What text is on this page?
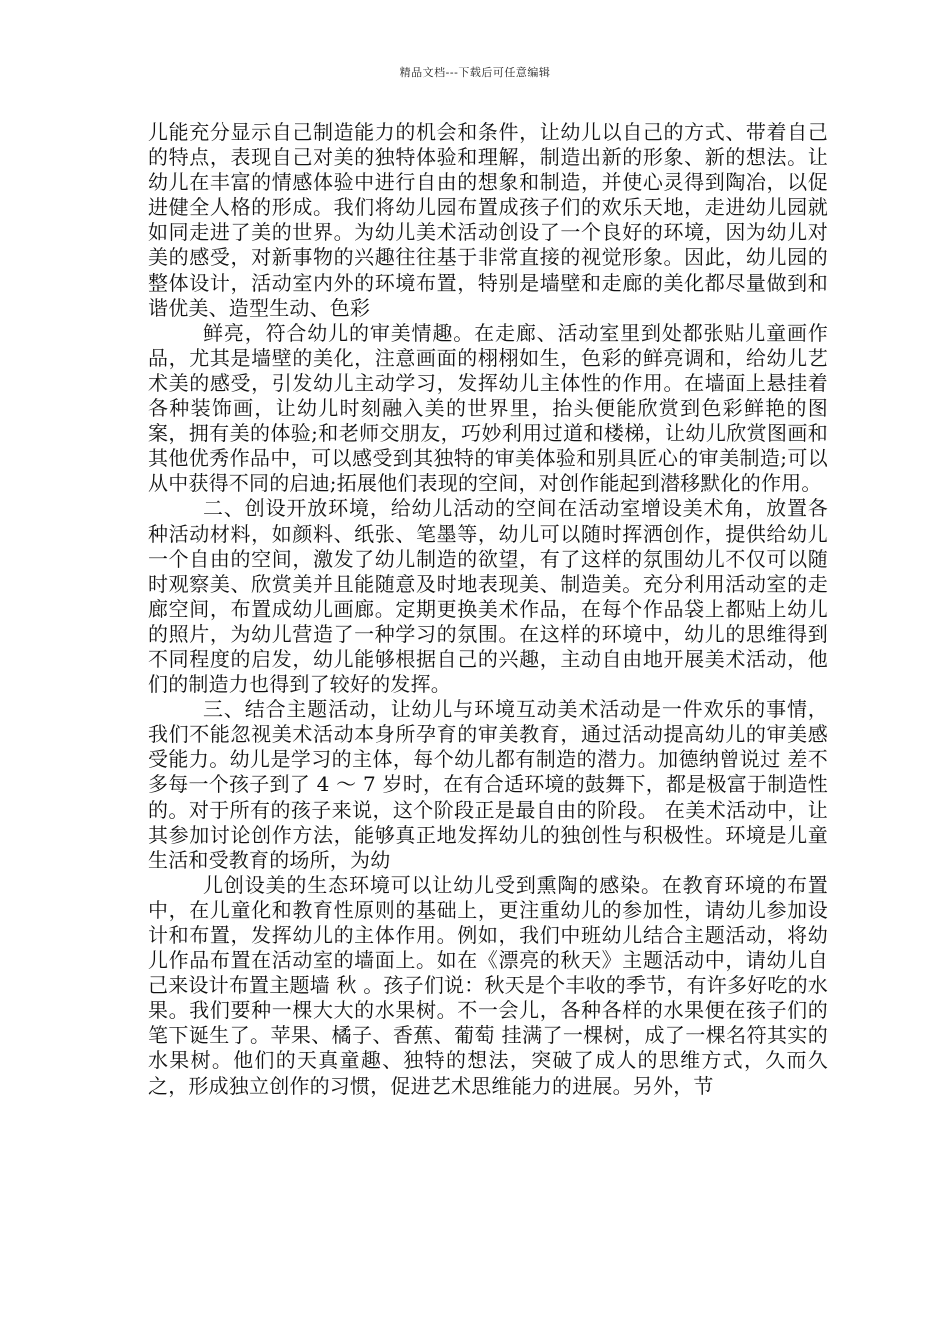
精品文档---下载后可任意编辑

儿能充分显示自己制造能力的机会和条件，让幼儿以自己的方式、带着自己的特点，表现自己对美的独特体验和理解，制造出新的形象、新的想法。让幼儿在丰富的情感体验中进行自由的想象和制造，并使心灵得到陶冶，以促进健全人格的形成。我们将幼儿园布置成孩子们的欢乐天地，走进幼儿园就如同走进了美的世界。为幼儿美术活动创设了一个良好的环境，因为幼儿对美的感受，对新事物的兴趣往往基于非常直接的视觉形象。因此，幼儿园的整体设计，活动室内外的环境布置，特别是墙壁和走廊的美化都尽量做到和谐优美、造型生动、色彩

鲜亮，符合幼儿的审美情趣。在走廊、活动室里到处都张贴儿童画作品，尤其是墙壁的美化，注意画面的栩栩如生，色彩的鲜亮调和，给幼儿艺术美的感受，引发幼儿主动学习，发挥幼儿主体性的作用。在墙面上悬挂着各种装饰画，让幼儿时刻融入美的世界里，抬头便能欣赏到色彩鲜艳的图案，拥有美的体验;和老师交朋友，巧妙利用过道和楼梯，让幼儿欣赏图画和其他优秀作品中，可以感受到其独特的审美体验和别具匠心的审美制造;可以从中获得不同的启迪;拓展他们表现的空间，对创作能起到潜移默化的作用。

二、创设开放环境，给幼儿活动的空间在活动室增设美术角，放置各种活动材料，如颜料、纸张、笔墨等，幼儿可以随时挥洒创作，提供给幼儿一个自由的空间，激发了幼儿制造的欲望，有了这样的氛围幼儿不仅可以随时观察美、欣赏美并且能随意及时地表现美、制造美。充分利用活动室的走廊空间，布置成幼儿画廊。定期更换美术作品，在每个作品袋上都贴上幼儿的照片，为幼儿营造了一种学习的氛围。在这样的环境中，幼儿的思维得到不同程度的启发，幼儿能够根据自己的兴趣，主动自由地开展美术活动，他们的制造力也得到了较好的发挥。

三、结合主题活动，让幼儿与环境互动美术活动是一件欢乐的事情，我们不能忽视美术活动本身所孕育的审美教育，通过活动提高幼儿的审美感受能力。幼儿是学习的主体，每个幼儿都有制造的潜力。加德纳曾说过 差不多每一个孩子到了 4 ～ 7 岁时，在有合适环境的鼓舞下，都是极富于制造性的。对于所有的孩子来说，这个阶段正是最自由的阶段。 在美术活动中，让其参加讨论创作方法，能够真正地发挥幼儿的独创性与积极性。环境是儿童生活和受教育的场所，为幼

儿创设美的生态环境可以让幼儿受到熏陶的感染。在教育环境的布置中，在儿童化和教育性原则的基础上，更注重幼儿的参加性，请幼儿参加设计和布置，发挥幼儿的主体作用。例如，我们中班幼儿结合主题活动，将幼儿作品布置在活动室的墙面上。如在《漂亮的秋天》主题活动中，请幼儿自己来设计布置主题墙 秋 。孩子们说：秋天是个丰收的季节，有许多好吃的水果。我们要种一棵大大的水果树。不一会儿，各种各样的水果便在孩子们的笔下诞生了。苹果、橘子、香蕉、葡萄 挂满了一棵树，成了一棵名符其实的水果树。他们的天真童趣、独特的想法，突破了成人的思维方式，久而久之，形成独立创作的习惯，促进艺术思维能力的进展。另外，节
